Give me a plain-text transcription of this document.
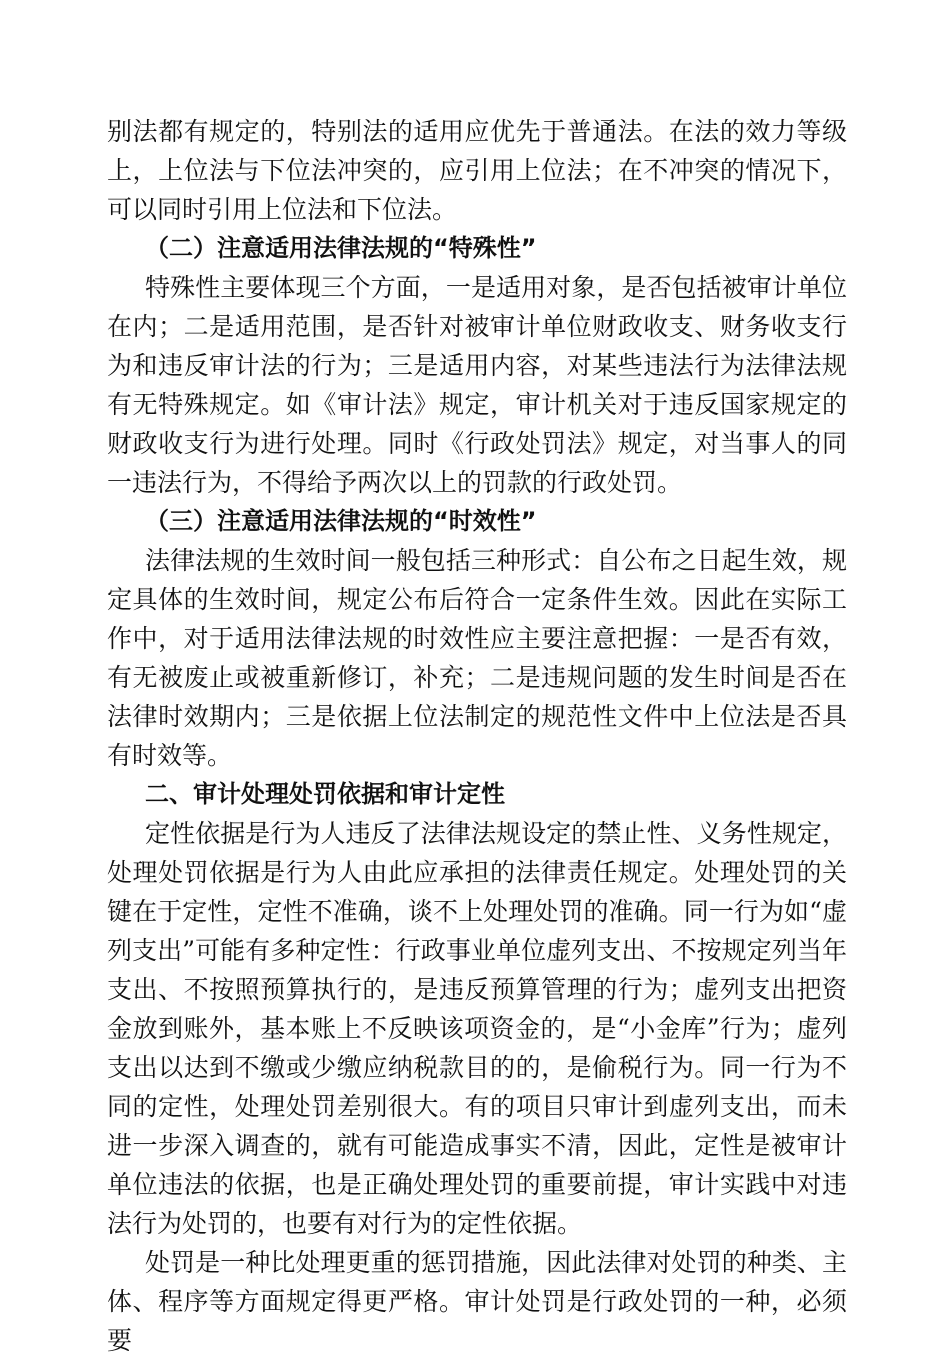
别法都有规定的，特别法的适用应优先于普通法。在法的效力等级上，上位法与下位法冲突的，应引用上位法；在不冲突的情况下，可以同时引用上位法和下位法。

（二）注意适用法律法规的“特殊性”

特殊性主要体现三个方面，一是适用对象，是否包括被审计单位在内；二是适用范围，是否针对被审计单位财政收支、财务收支行为和违反审计法的行为；三是适用内容，对某些违法行为法律法规有无特殊规定。如《审计法》规定，审计机关对于违反国家规定的财政收支行为进行处理。同时《行政处罚法》规定，对当事人的同一违法行为，不得给予两次以上的罚款的行政处罚。

（三）注意适用法律法规的“时效性”

法律法规的生效时间一般包括三种形式：自公布之日起生效，规定具体的生效时间，规定公布后符合一定条件生效。因此在实际工作中，对于适用法律法规的时效性应主要注意把握：一是否有效，有无被废止或被重新修订，补充；二是违规问题的发生时间是否在法律时效期内；三是依据上位法制定的规范性文件中上位法是否具有时效等。

二、审计处理处罚依据和审计定性

定性依据是行为人违反了法律法规设定的禁止性、义务性规定，处理处罚依据是行为人由此应承担的法律责任规定。处理处罚的关键在于定性，定性不准确，谈不上处理处罚的准确。同一行为如“虚列支出”可能有多种定性：行政事业单位虚列支出、不按规定列当年支出、不按照预算执行的，是违反预算管理的行为；虚列支出把资金放到账外，基本账上不反映该项资金的，是“小金库”行为；虚列支出以达到不缴或少缴应纳税款目的的，是偷税行为。同一行为不同的定性，处理处罚差别很大。有的项目只审计到虚列支出，而未进一步深入调查的，就有可能造成事实不清，因此，定性是被审计单位违法的依据，也是正确处理处罚的重要前提，审计实践中对违法行为处罚的，也要有对行为的定性依据。

处罚是一种比处理更重的惩罚措施，因此法律对处罚的种类、主体、程序等方面规定得更严格。审计处罚是行政处罚的一种，必须要
